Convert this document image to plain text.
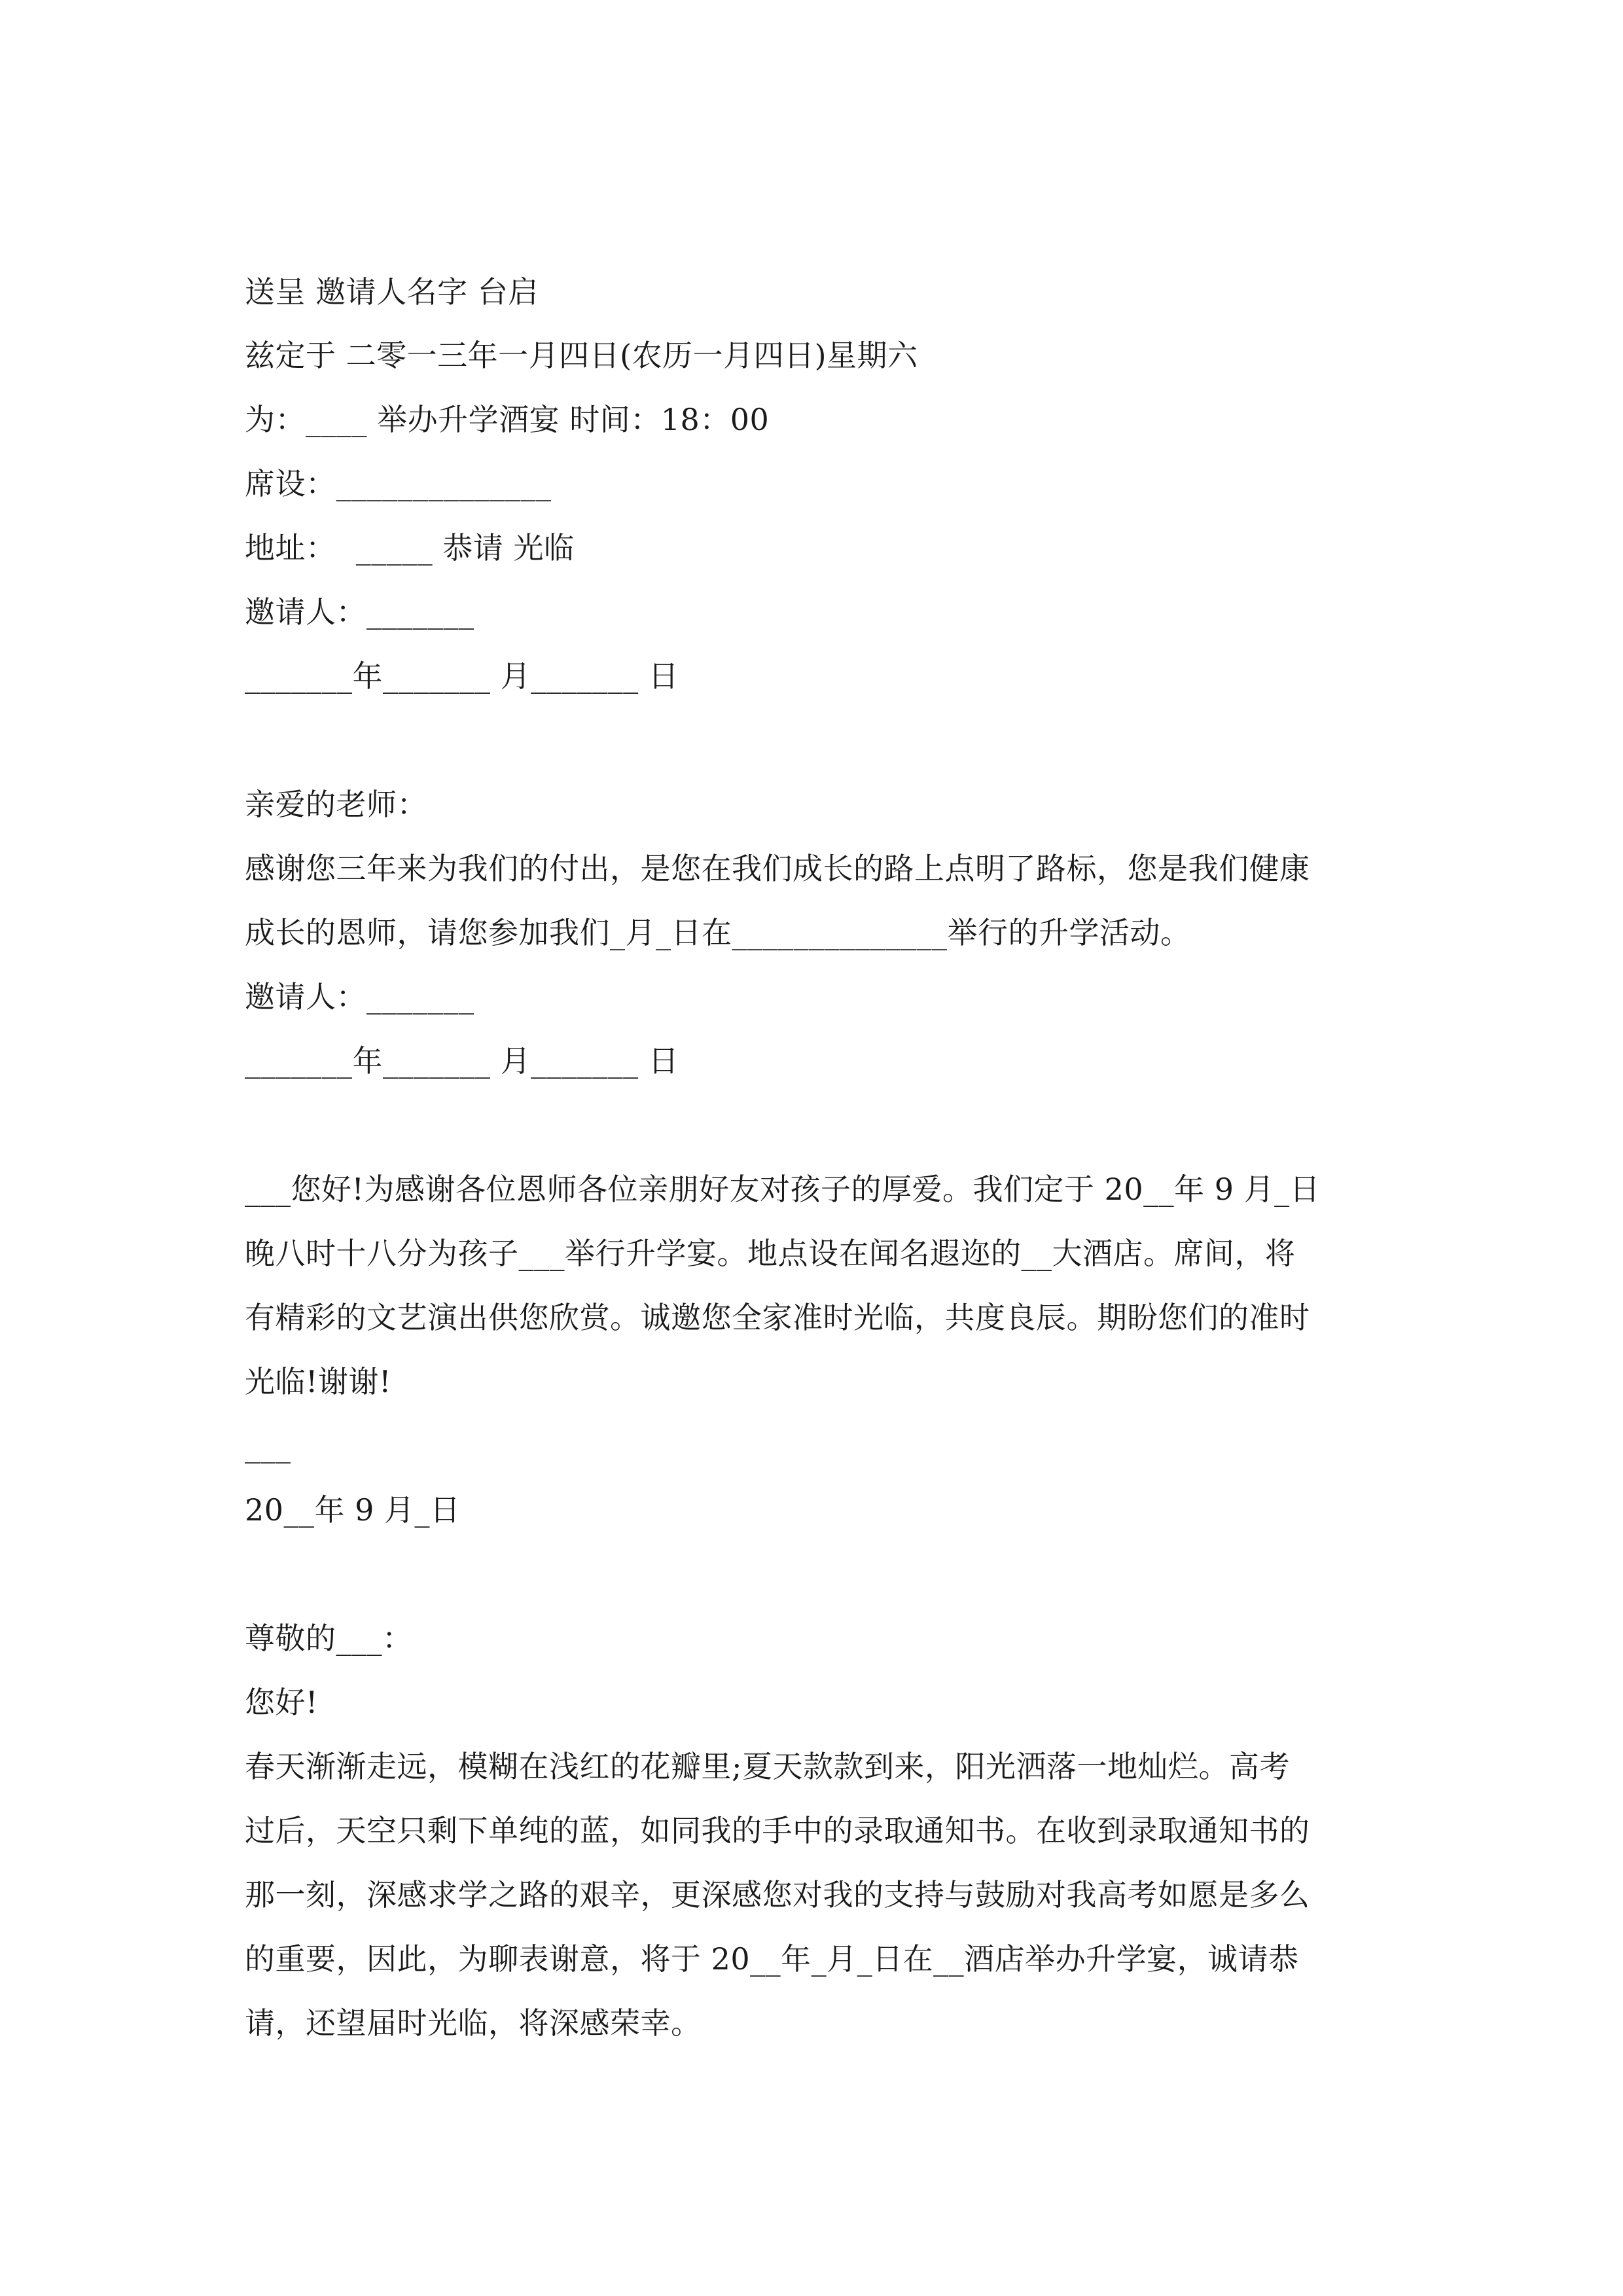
送呈 邀请人名字 台启
兹定于 二零一三年一月四日(农历一月四日)星期六
为：____ 举办升学酒宴 时间：18：00
席设：______________
地址：  _____ 恭请 光临
邀请人：_______
_______年_______ 月_______ 日
亲爱的老师：
感谢您三年来为我们的付出，是您在我们成长的路上点明了路标，您是我们健康
成长的恩师，请您参加我们_月_日在______________举行的升学活动。
邀请人：_______
_______年_______ 月_______ 日
___您好!为感谢各位恩师各位亲朋好友对孩子的厚爱。我们定于 20__年 9 月_日
晚八时十八分为孩子___举行升学宴。地点设在闻名遐迩的__大酒店。席间，将
有精彩的文艺演出供您欣赏。诚邀您全家准时光临，共度良辰。期盼您们的准时
光临!谢谢!
___
20__年 9 月_日
尊敬的___：
您好!
春天渐渐走远，模糊在浅红的花瓣里;夏天款款到来，阳光洒落一地灿烂。高考
过后，天空只剩下单纯的蓝，如同我的手中的录取通知书。在收到录取通知书的
那一刻，深感求学之路的艰辛，更深感您对我的支持与鼓励对我高考如愿是多么
的重要，因此，为聊表谢意，将于 20__年_月_日在__酒店举办升学宴，诚请恭
请，还望届时光临，将深感荣幸。
